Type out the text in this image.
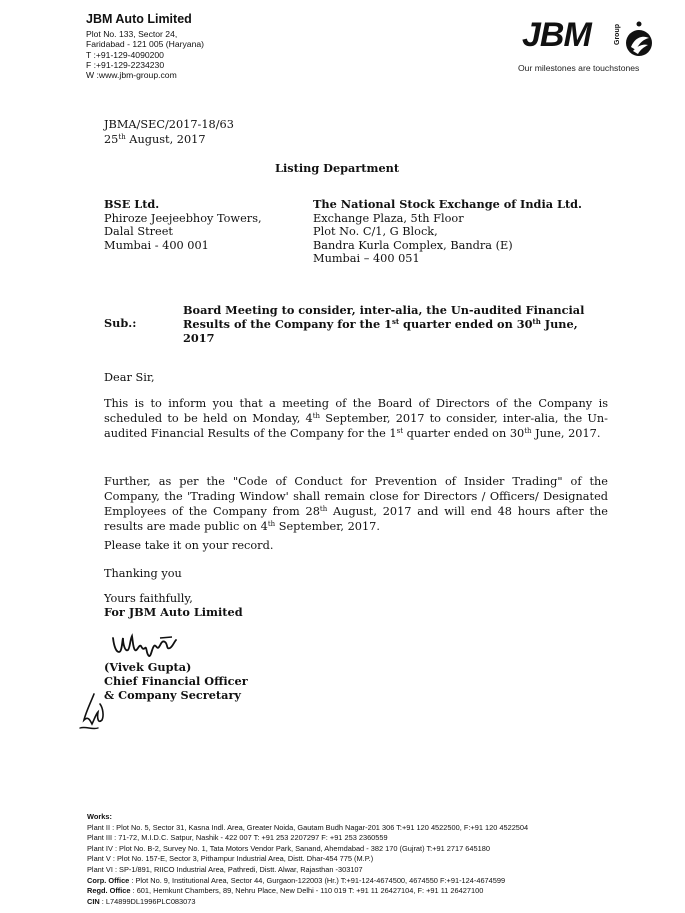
JBM Auto Limited
Plot No. 133, Sector 24,
Faridabad - 121 005 (Haryana)
T :+91-129-4090200
F :+91-129-2234230
W :www.jbm-group.com
JBM	Group
Our milestones are touchstones
JBMA/SEC/2017-18/63
25th August, 2017
Listing Department
BSE Ltd.
Phiroze Jeejeebhoy Towers,
Dalal Street
Mumbai - 400 001
The National Stock Exchange of India Ltd.
Exchange Plaza, 5th Floor
Plot No. C/1, G Block,
Bandra Kurla Complex, Bandra (E)
Mumbai – 400 051
Sub.:
Board Meeting to consider, inter-alia, the Un-audited Financial
Results of the Company for the 1st quarter ended on 30th June,
2017
Dear Sir,
This is to inform you that a meeting of the Board of Directors of the Company is scheduled to be held on Monday, 4th September, 2017 to consider, inter-alia, the Un-audited Financial Results of the Company for the 1st quarter ended on 30th June, 2017.
Further, as per the "Code of Conduct for Prevention of Insider Trading" of the Company, the 'Trading Window' shall remain close for Directors / Officers/ Designated Employees of the Company from 28th August, 2017 and will end 48 hours after the results are made public on 4th September, 2017.
Please take it on your record.
Thanking you
Yours faithfully,
For JBM Auto Limited
(Vivek Gupta)
Chief Financial Officer
& Company Secretary
Works:
Plant II : Plot No. 5, Sector 31, Kasna Indl. Area, Greater Noida, Gautam Budh Nagar-201 306 T:+91 120 4522500, F:+91 120 4522504
Plant III : 71-72, M.I.D.C. Satpur, Nashik - 422 007 T: +91 253 2207297 F: +91 253 2360559
Plant IV : Plot No. B-2, Survey No. 1, Tata Motors Vendor Park, Sanand, Ahemdabad - 382 170 (Gujrat) T:+91 2717 645180
Plant V : Plot No. 157-E, Sector 3, Pithampur Industrial Area, Distt. Dhar-454 775 (M.P.)
Plant VI : SP-1/891, RIICO Industrial Area, Pathredi, Distt. Alwar, Rajasthan -303107
Corp. Office : Plot No. 9, Institutional Area, Sector 44, Gurgaon-122003 (Hr.) T:+91-124-4674500, 4674550 F:+91-124-4674599
Regd. Office : 601, Hemkunt Chambers, 89, Nehru Place, New Delhi - 110 019 T: +91 11 26427104, F: +91 11 26427100
CIN : L74899DL1996PLC083073
